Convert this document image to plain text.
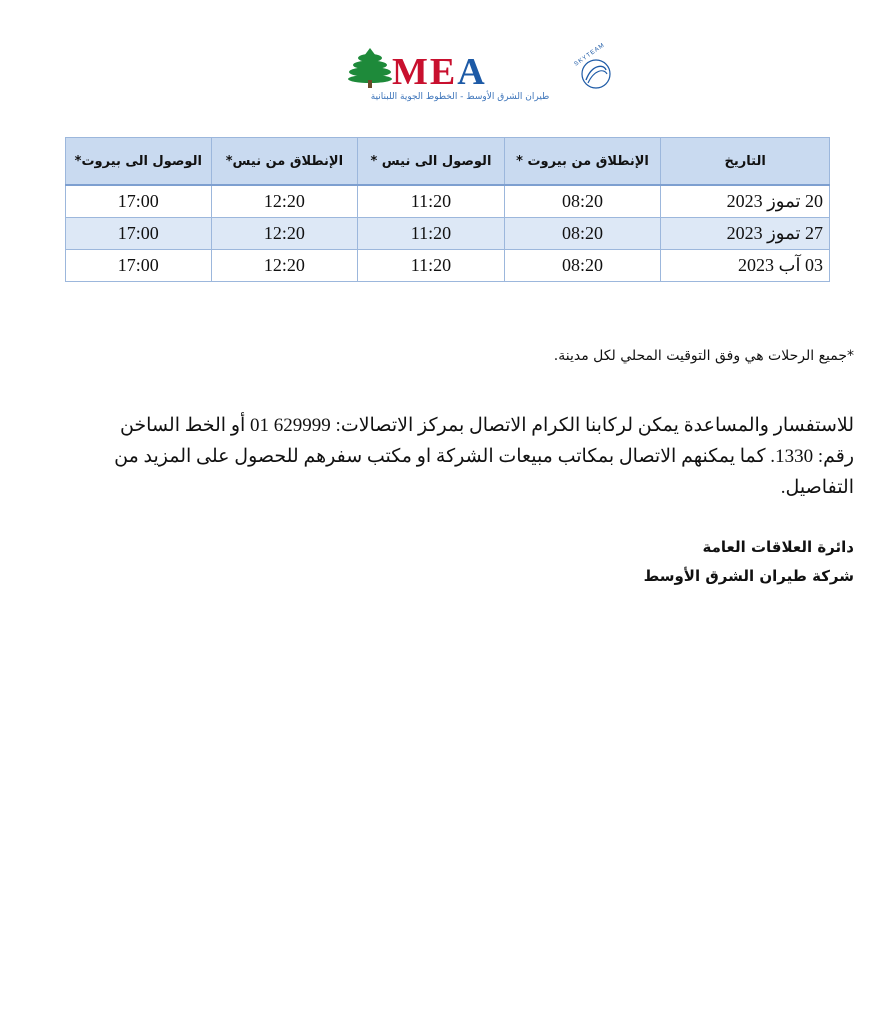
MEA	SKYTEAM
طيران الشرق الأوسط - الخطوط الجوية اللبنانية
التاريخ	الإنطلاق من بيروت *	الوصول الى نيس *	الإنطلاق من نيس*	الوصول الى بيروت*
20 تموز 2023	08:20	11:20	12:20	17:00
27 تموز 2023	08:20	11:20	12:20	17:00
03 آب 2023	08:20	11:20	12:20	17:00
*جميع الرحلات هي وفق التوقيت المحلي لكل مدينة.
للاستفسار والمساعدة يمكن لركابنا الكرام الاتصال بمركز الاتصالات: 629999 01 أو الخط الساخن رقم: 1330. كما يمكنهم الاتصال بمكاتب مبيعات الشركة او مكتب سفرهم للحصول على المزيد من التفاصيل.
دائرة العلاقات العامة
شركة طيران الشرق الأوسط
